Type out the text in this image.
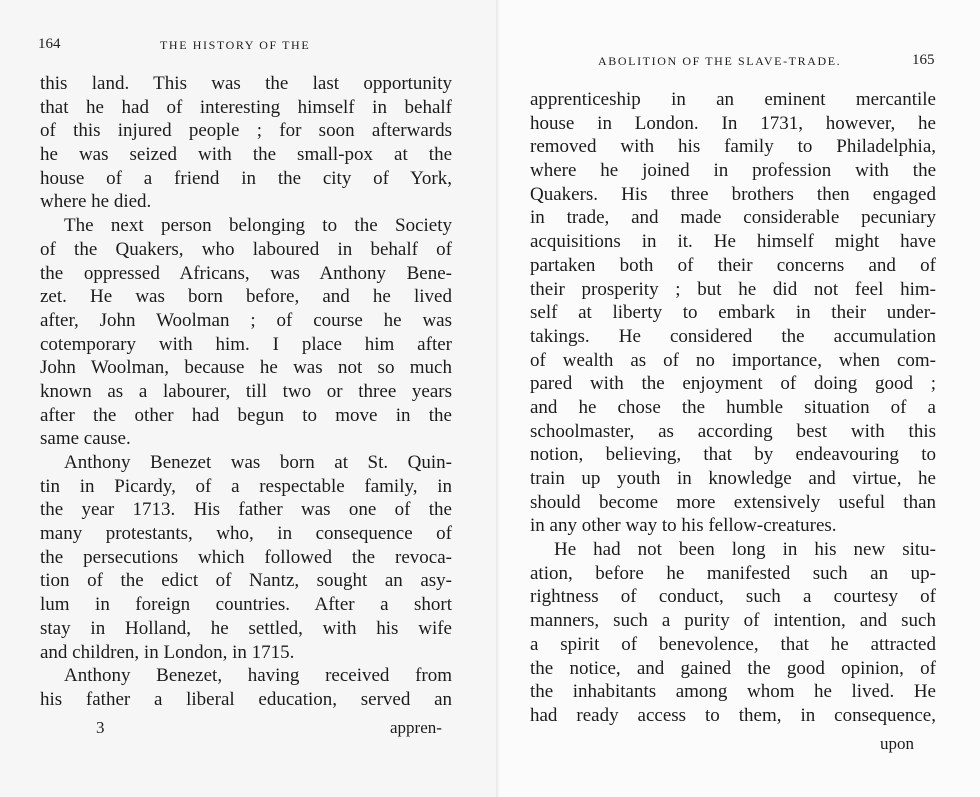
164	THE HISTORY OF THE
this land. This was the last opportunity
that he had of interesting himself in behalf
of this injured people ; for soon afterwards
he was seized with the small-pox at the
house of a friend in the city of York,
where he died.
The next person belonging to the Society
of the Quakers, who laboured in behalf of
the oppressed Africans, was Anthony Bene-
zet. He was born before, and he lived
after, John Woolman ; of course he was
cotemporary with him. I place him after
John Woolman, because he was not so much
known as a labourer, till two or three years
after the other had begun to move in the
same cause.
Anthony Benezet was born at St. Quin-
tin in Picardy, of a respectable family, in
the year 1713. His father was one of the
many protestants, who, in consequence of
the persecutions which followed the revoca-
tion of the edict of Nantz, sought an asy-
lum in foreign countries. After a short
stay in Holland, he settled, with his wife
and children, in London, in 1715.
Anthony Benezet, having received from
his father a liberal education, served an
3	appren-
ABOLITION OF THE SLAVE-TRADE.	165
apprenticeship in an eminent mercantile
house in London. In 1731, however, he
removed with his family to Philadelphia,
where he joined in profession with the
Quakers. His three brothers then engaged
in trade, and made considerable pecuniary
acquisitions in it. He himself might have
partaken both of their concerns and of
their prosperity ; but he did not feel him-
self at liberty to embark in their under-
takings. He considered the accumulation
of wealth as of no importance, when com-
pared with the enjoyment of doing good ;
and he chose the humble situation of a
schoolmaster, as according best with this
notion, believing, that by endeavouring to
train up youth in knowledge and virtue, he
should become more extensively useful than
in any other way to his fellow-creatures.
He had not been long in his new situ-
ation, before he manifested such an up-
rightness of conduct, such a courtesy of
manners, such a purity of intention, and such
a spirit of benevolence, that he attracted
the notice, and gained the good opinion, of
the inhabitants among whom he lived. He
had ready access to them, in consequence,
upon
